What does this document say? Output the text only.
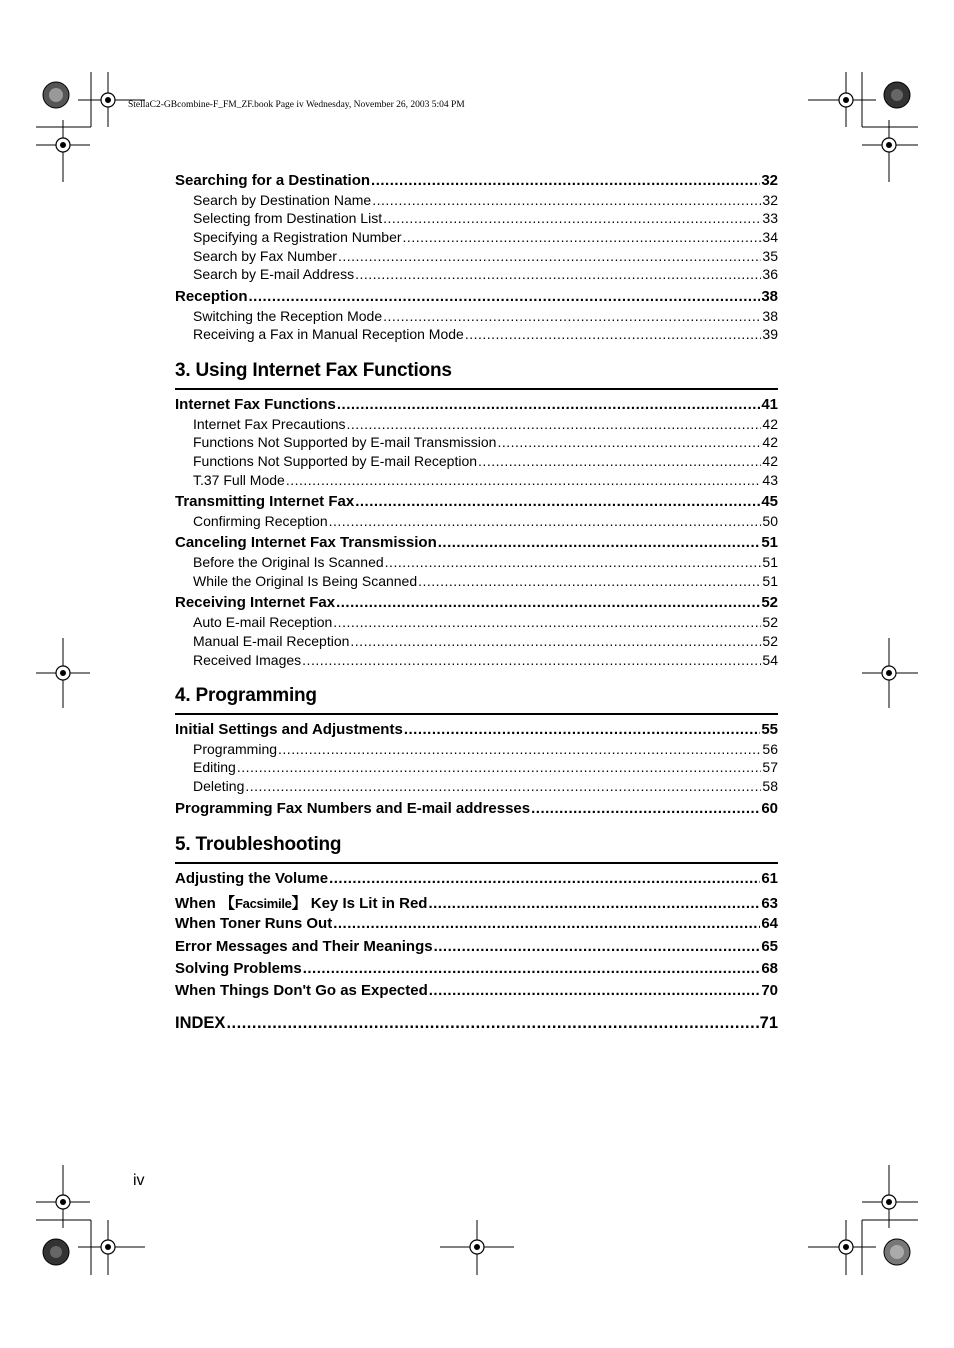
StellaC2-GBcombine-F_FM_ZF.book Page iv Wednesday, November 26, 2003 5:04 PM
Searching for a Destination .....	32
Search by Destination Name .....	32
Selecting from Destination List .....	33
Specifying a Registration Number .....	34
Search by Fax Number .....	35
Search by E-mail Address .....	36
Reception .....	38
Switching the Reception Mode .....	38
Receiving a Fax in Manual Reception Mode .....	39
Internet Fax Functions .....	41
Internet Fax Precautions .....	42
Functions Not Supported by E-mail Transmission .....	42
Functions Not Supported by E-mail Reception .....	42
T.37 Full Mode .....	43
Transmitting Internet Fax .....	45
Confirming Reception .....	50
Canceling Internet Fax Transmission .....	51
Before the Original Is Scanned .....	51
While the Original Is Being Scanned .....	51
Receiving Internet Fax .....	52
Auto E-mail Reception .....	52
Manual E-mail Reception .....	52
Received Images .....	54
Initial Settings and Adjustments .....	55
Programming .....	56
Editing .....	57
Deleting .....	58
Programming Fax Numbers and E-mail addresses .....	60
Adjusting the Volume .....	61
When 【Facsimile】 Key Is Lit in Red .....	63
When Toner Runs Out .....	64
Error Messages and Their Meanings .....	65
Solving Problems .....	68
When Things Don't Go as Expected .....	70
INDEX .....	71
3. Using Internet Fax Functions
4. Programming
5. Troubleshooting
iv
